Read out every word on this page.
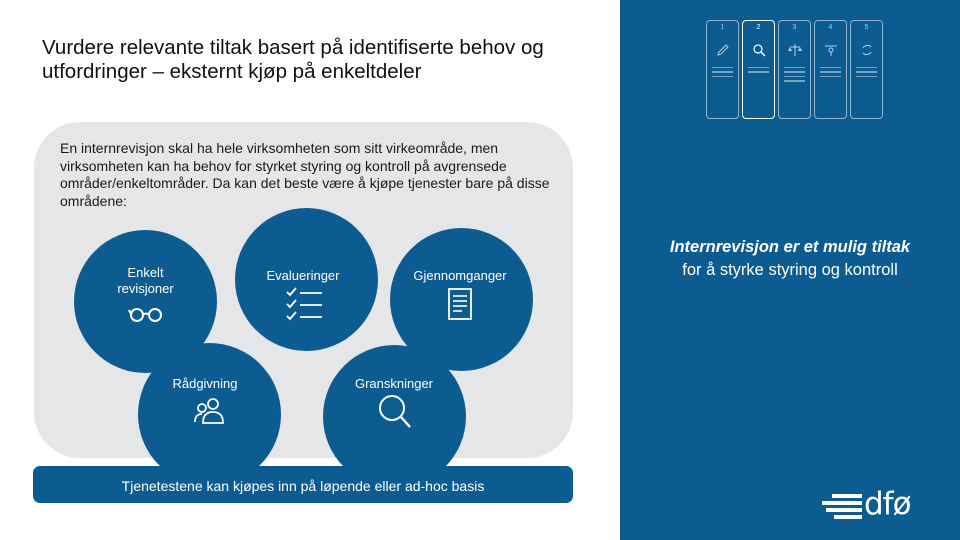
Vurdere relevante tiltak basert på identifiserte behov og utfordringer – eksternt kjøp på enkeltdeler
En internrevisjon skal ha hele virksomheten som sitt virkeområde, men virksomheten kan ha behov for styrket styring og kontroll på avgrensede områder/enkeltområder. Da kan det beste være å kjøpe tjenester bare på disse områdene:
Enkelt
revisjoner
Evalueringer	Gjennomganger
Rådgivning	Granskninger
Tjenetestene kan kjøpes inn på løpende eller ad-hoc basis
1	2	3	4	5
Internrevisjon er et mulig tiltak for å styrke styring og kontroll
dfø
